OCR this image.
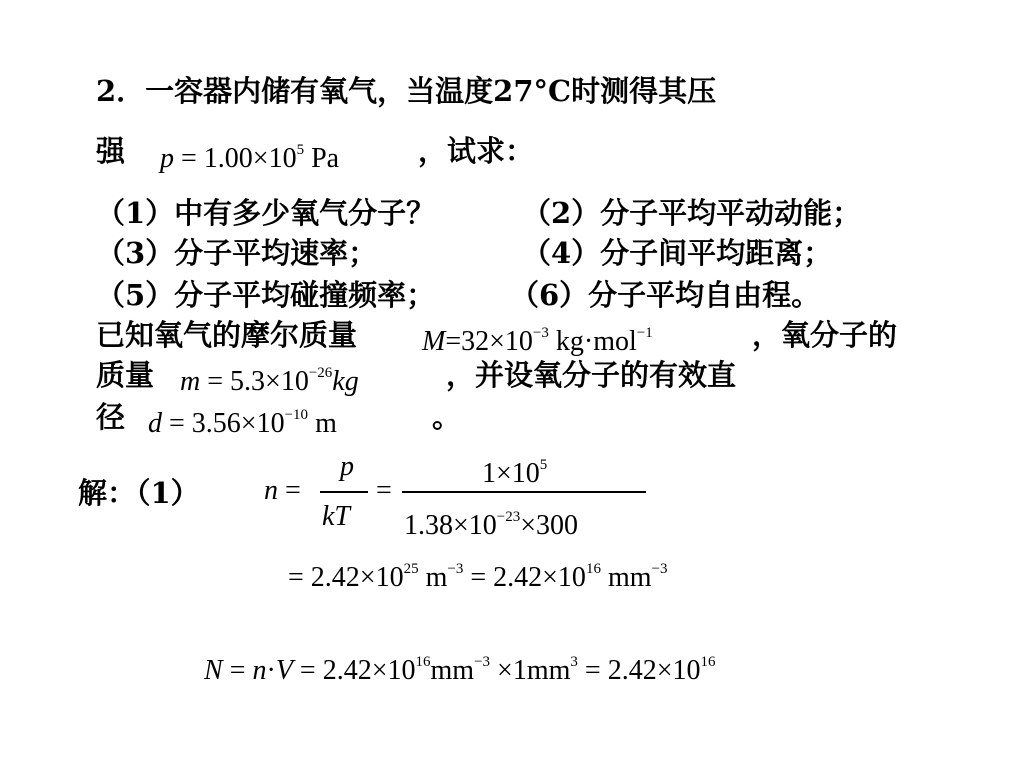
2．一容器内储有氧气，当温度27°C时测得其压
强 $p = 1.00\times 10^5$ Pa	，试求：
（1）中有多少氧气分子？	（2）分子平均平动动能；
（3）分子平均速率；	（4）分子间平均距离；
（5）分子平均碰撞频率；	（6）分子平均自由程。
已知氧气的摩尔质量 $M=32\times 10^{-3}$ kg·mol$^{-1}$	，氧分子的
质量 $m = 5.3\times 10^{-26}kg$	，并设氧分子的有效直
径 $d = 3.56\times 10^{-10}$ m	。
解：（1） n =
p
kT
=
$1\times 10^5$
$1.38\times 10^{-23}\times 300$
= $2.42\times 10^{25}$ $m^{-3} = 2.42\times 10^{16}$ $mm^{-3}$
$N = n\cdot V = 2.42\times 10^{16}mm^{-3} \times 1mm^3 = 2.42\times 10^{16}$
